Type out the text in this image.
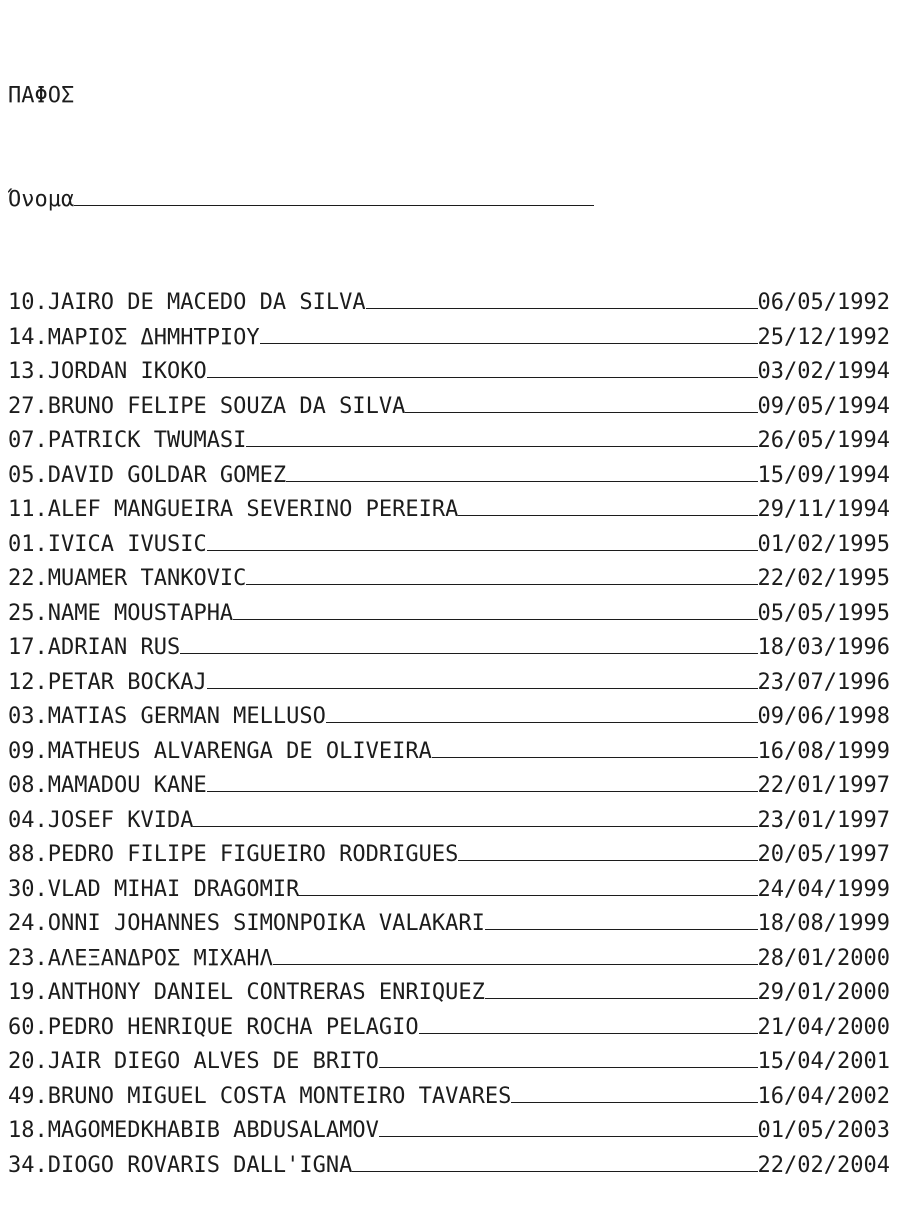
ΠΑΦΟΣ

Όνομα

10.JAIRO DE MACEDO DA SILVA	06/05/1992
14.ΜΑΡΙΟΣ ΔΗΜΗΤΡΙΟΥ	25/12/1992
13.JORDAN IKOKO	03/02/1994
27.BRUNO FELIPE SOUZA DA SILVA	09/05/1994
07.PATRICK TWUMASI	26/05/1994
05.DAVID GOLDAR GOMEZ	15/09/1994
11.ALEF MANGUEIRA SEVERINO PEREIRA	29/11/1994
01.IVICA IVUSIC	01/02/1995
22.MUAMER TANKOVIC	22/02/1995
25.NAME MOUSTAPHA	05/05/1995
17.ADRIAN RUS	18/03/1996
12.PETAR BOCKAJ	23/07/1996
03.MATIAS GERMAN MELLUSO	09/06/1998
09.MATHEUS ALVARENGA DE OLIVEIRA	16/08/1999
08.MAMADOU KANE	22/01/1997
04.JOSEF KVIDA	23/01/1997
88.PEDRO FILIPE FIGUEIRO RODRIGUES	20/05/1997
30.VLAD MIHAI DRAGOMIR	24/04/1999
24.ONNI JOHANNES SIMONPOIKA VALAKARI	18/08/1999
23.ΑΛΕΞΑΝΔΡΟΣ ΜΙΧΑΗΛ	28/01/2000
19.ANTHONY DANIEL CONTRERAS ENRIQUEZ	29/01/2000
60.PEDRO HENRIQUE ROCHA PELAGIO	21/04/2000
20.JAIR DIEGO ALVES DE BRITO	15/04/2001
49.BRUNO MIGUEL COSTA MONTEIRO TAVARES	16/04/2002
18.MAGOMEDKHABIB ABDUSALAMOV	01/05/2003
34.DIOGO ROVARIS DALL'IGNA	22/02/2004
